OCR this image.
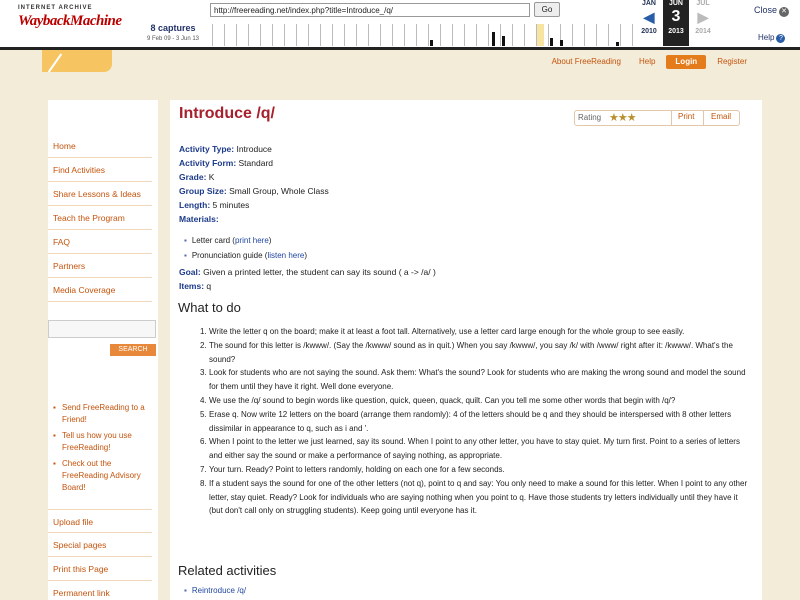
INTERNET ARCHIVE
WaybackMachine
http://freereading.net/index.php?title=Introduce_/q/
Go
8 captures
9 Feb 09 - 3 Jun 13
JAN
◀
2010
JUN
3
2013
JUL
▶
2014
Close ✕
Help ?
About FreeReading	Help	Login	Register
Home
Find Activities
Share Lessons & Ideas
Teach the Program
FAQ
Partners
Media Coverage
SEARCH
▪ Send FreeReading to a Friend!
▪ Tell us how you use FreeReading!
▪ Check out the FreeReading Advisory Board!
Upload file
Special pages
Print this Page
Permanent link
Introduce /q/	Rating ★★★	Print Email
Activity Type: Introduce
Activity Form: Standard
Grade: K
Group Size: Small Group, Whole Class
Length: 5 minutes
Materials:
▪ Letter card (print here)
▪ Pronunciation guide (listen here)
Goal: Given a printed letter, the student can say its sound ( a -> /a/ )
Items: q
What to do
1. Write the letter q on the board; make it at least a foot tall. Alternatively, use a letter card large enough for the whole group to see easily.
2. The sound for this letter is /kwww/. (Say the /kwww/ sound as in quit.) When you say /kwww/, you say /k/ with /www/ right after it: /kwww/. What's the sound?
3. Look for students who are not saying the sound. Ask them: What's the sound? Look for students who are making the wrong sound and model the sound for them until they have it right. Well done everyone.
4. We use the /q/ sound to begin words like question, quick, queen, quack, quilt. Can you tell me some other words that begin with /q/?
5. Erase q. Now write 12 letters on the board (arrange them randomly): 4 of the letters should be q and they should be interspersed with 8 other letters dissimilar in appearance to q, such as i and '.
6. When I point to the letter we just learned, say its sound. When I point to any other letter, you have to stay quiet. My turn first. Point to a series of letters and either say the sound or make a performance of saying nothing, as appropriate.
7. Your turn. Ready? Point to letters randomly, holding on each one for a few seconds.
8. If a student says the sound for one of the other letters (not q), point to q and say: You only need to make a sound for this letter. When I point to any other letter, stay quiet. Ready? Look for individuals who are saying nothing when you point to q. Have those students try letters individually until they have it (but don't call only on struggling students). Keep going until everyone has it.
Related activities
▪ Reintroduce /q/
